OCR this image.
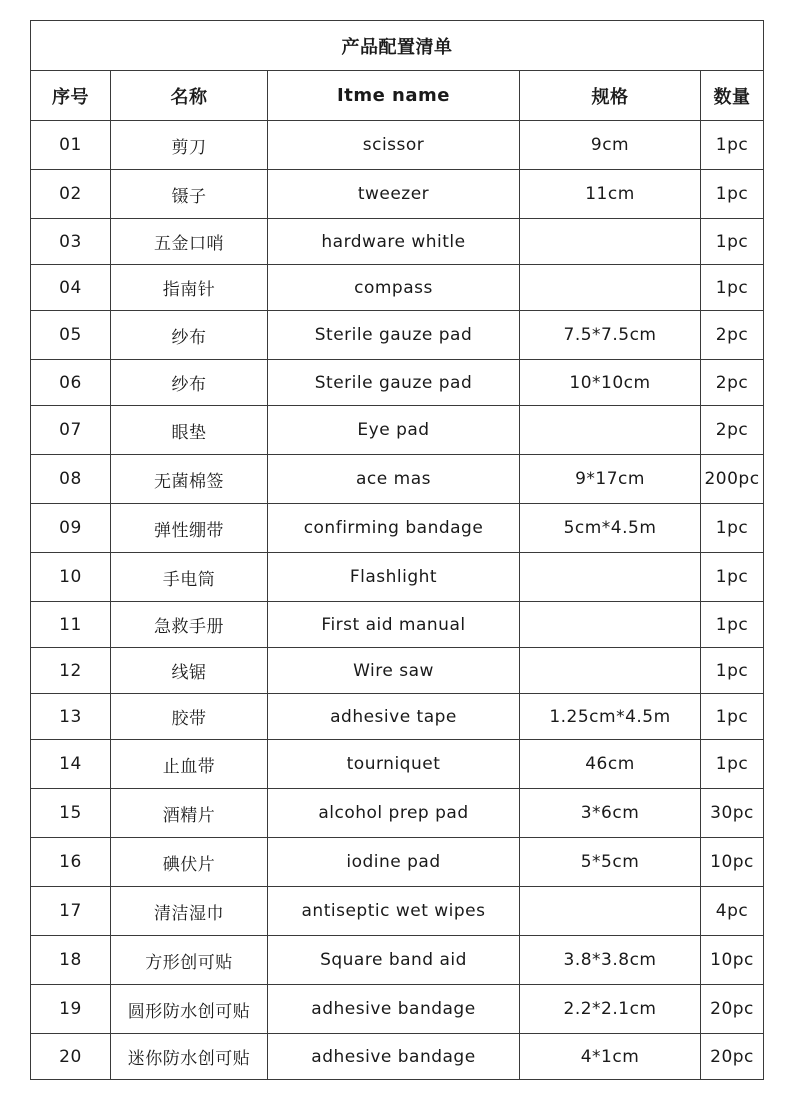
产品配置清单				
序号	名称	Itme name	规格	数量
01	剪刀	scissor	9cm	1pc
02	镊子	tweezer	11cm	1pc
03	五金口哨	hardware whitle		1pc
04	指南针	compass		1pc
05	纱布	Sterile gauze pad	7.5*7.5cm	2pc
06	纱布	Sterile gauze pad	10*10cm	2pc
07	眼垫	Eye pad		2pc
08	无菌棉签	ace mas	9*17cm	200pc
09	弹性绷带	confirming bandage	5cm*4.5m	1pc
10	手电筒	Flashlight		1pc
11	急救手册	First aid manual		1pc
12	线锯	Wire saw		1pc
13	胶带	adhesive tape	1.25cm*4.5m	1pc
14	止血带	tourniquet	46cm	1pc
15	酒精片	alcohol prep pad	3*6cm	30pc
16	碘伏片	iodine pad	5*5cm	10pc
17	清洁湿巾	antiseptic wet wipes		4pc
18	方形创可贴	Square band aid	3.8*3.8cm	10pc
19	圆形防水创可贴	adhesive bandage	2.2*2.1cm	20pc
20	迷你防水创可贴	adhesive bandage	4*1cm	20pc
